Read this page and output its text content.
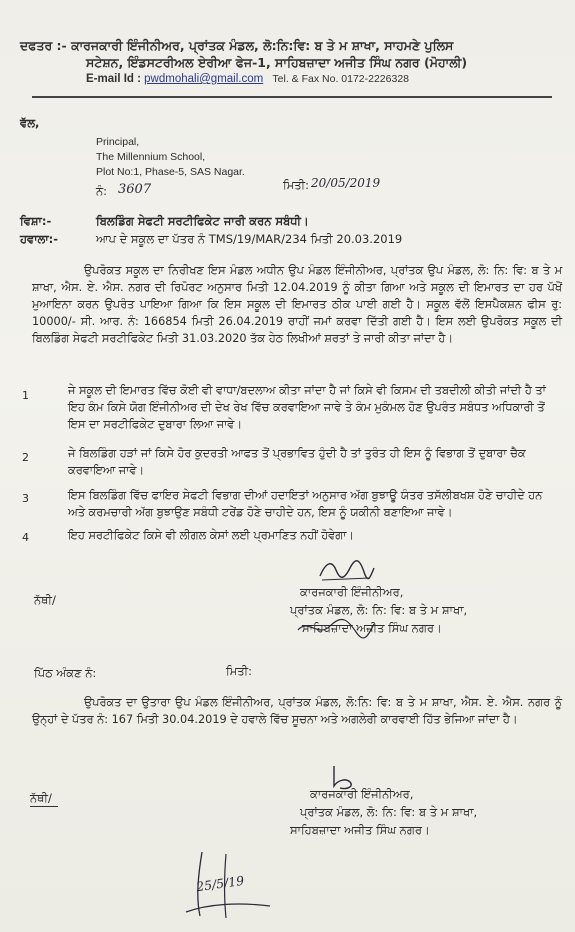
ਦਫਤਰ :- ਕਾਰਜਕਾਰੀ ਇੰਜੀਨੀਅਰ, ਪ੍ਰਾਂਤਕ ਮੰਡਲ, ਲੋ:ਨਿ:ਵਿ: ਬ ਤੇ ਮ ਸ਼ਾਖਾ, ਸਾਹਮਣੇ ਪੁਲਿਸ
ਸਟੇਸ਼ਨ, ਇੰਡਸਟਰੀਅਲ ਏਰੀਆ ਫੇਜ-1, ਸਾਹਿਬਜ਼ਾਦਾ ਅਜੀਤ ਸਿੰਘ ਨਗਰ (ਮੋਹਾਲੀ)
E-mail Id : pwdmohali@gmail.com Tel. & Fax No. 0172-2226328
ਵੱਲ,
Principal,
The Millennium School,
Plot No:1, Phase-5, SAS Nagar.
ਨੰ: 3607	ਮਿਤੀ: 20/05/2019
ਵਿਸ਼ਾ:-	ਬਿਲਡਿੰਗ ਸੇਫਟੀ ਸਰਟੀਫਿਕੇਟ ਜਾਰੀ ਕਰਨ ਸਬੰਧੀ।
ਹਵਾਲਾ:-	ਆਪ ਦੇ ਸਕੂਲ ਦਾ ਪੱਤਰ ਨੰ TMS/19/MAR/234 ਮਿਤੀ 20.03.2019
ਉਪਰੋਕਤ ਸਕੂਲ ਦਾ ਨਿਰੀਖਣ ਇਸ ਮੰਡਲ ਅਧੀਨ ਉਪ ਮੰਡਲ ਇੰਜੀਨੀਅਰ, ਪ੍ਰਾਂਤਕ ਉਪ ਮੰਡਲ, ਲੋ: ਨਿ: ਵਿ: ਬ ਤੇ ਮ ਸ਼ਾਖਾ, ਐਸ. ਏ. ਐਸ. ਨਗਰ ਦੀ ਰਿਪੋਰਟ ਅਨੁਸਾਰ ਮਿਤੀ 12.04.2019 ਨੂੰ ਕੀਤਾ ਗਿਆ ਅਤੇ ਸਕੂਲ ਦੀ ਇਮਾਰਤ ਦਾ ਹਰ ਪੱਖੋਂ ਮੁਆਇਨਾ ਕਰਨ ਉਪਰੰਤ ਪਾਇਆ ਗਿਆ ਕਿ ਇਸ ਸਕੂਲ ਦੀ ਇਮਾਰਤ ਠੀਕ ਪਾਈ ਗਈ ਹੈ। ਸਕੂਲ ਵੱਲੋਂ ਇਸਪੈਕਸ਼ਨ ਫੀਸ ਰੁ: 10000/- ਸੀ. ਆਰ. ਨੰ: 166854 ਮਿਤੀ 26.04.2019 ਰਾਹੀਂ ਜਮਾਂ ਕਰਵਾ ਦਿੱਤੀ ਗਈ ਹੈ। ਇਸ ਲਈ ਉਪਰੋਕਤ ਸਕੂਲ ਦੀ ਬਿਲਡਿੰਗ ਸੇਫਟੀ ਸਰਟੀਫਿਕੇਟ ਮਿਤੀ 31.03.2020 ਤੱਕ ਹੇਠ ਲਿਖੀਆਂ ਸ਼ਰਤਾਂ ਤੇ ਜਾਰੀ ਕੀਤਾ ਜਾਂਦਾ ਹੈ।
1	ਜੇ ਸਕੂਲ ਦੀ ਇਮਾਰਤ ਵਿੱਚ ਕੋਈ ਵੀ ਵਾਧਾ/ਬਦਲਾਅ ਕੀਤਾ ਜਾਂਦਾ ਹੈ ਜਾਂ ਕਿਸੇ ਵੀ ਕਿਸਮ ਦੀ ਤਬਦੀਲੀ ਕੀਤੀ ਜਾਂਦੀ ਹੈ ਤਾਂ ਇਹ ਕੰਮ ਕਿਸੇ ਯੋਗ ਇੰਜੀਨੀਅਰ ਦੀ ਦੇਖ ਰੇਖ ਵਿੱਚ ਕਰਵਾਇਆ ਜਾਵੇ ਤੇ ਕੰਮ ਮੁਕੰਮਲ ਹੋਣ ਉਪਰੰਤ ਸਬੰਧਤ ਅਧਿਕਾਰੀ ਤੋਂ ਇਸ ਦਾ ਸਰਟੀਫਿਕੇਟ ਦੁਬਾਰਾ ਲਿਆ ਜਾਵੇ।
2	ਜੇ ਬਿਲਡਿੰਗ ਹੜਾਂ ਜਾਂ ਕਿਸੇ ਹੋਰ ਕੁਦਰਤੀ ਆਫਤ ਤੋਂ ਪ੍ਰਭਾਵਿਤ ਹੁੰਦੀ ਹੈ ਤਾਂ ਤੁਰੰਤ ਹੀ ਇਸ ਨੂੰ ਵਿਭਾਗ ਤੋਂ ਦੁਬਾਰਾ ਚੈਕ ਕਰਵਾਇਆ ਜਾਵੇ।
3	ਇਸ ਬਿਲਡਿੰਗ ਵਿੱਚ ਫਾਇਰ ਸੇਫਟੀ ਵਿਭਾਗ ਦੀਆਂ ਹਦਾਇਤਾਂ ਅਨੁਸਾਰ ਅੱਗ ਬੁਝਾਊ ਯੰਤਰ ਤਸੱਲੀਬਖਸ਼ ਹੋਣੇ ਚਾਹੀਦੇ ਹਨ ਅਤੇ ਕਰਮਚਾਰੀ ਅੱਗ ਬੁਝਾਉਣ ਸਬੰਧੀ ਟਰੇਂਡ ਹੋਣੇ ਚਾਹੀਦੇ ਹਨ, ਇਸ ਨੂੰ ਯਕੀਨੀ ਬਣਾਇਆ ਜਾਵੇ।
4	ਇਹ ਸਰਟੀਫਿਕੇਟ ਕਿਸੇ ਵੀ ਲੀਗਲ ਕੇਸਾਂ ਲਈ ਪ੍ਰਮਾਣਿਤ ਨਹੀਂ ਹੋਵੇਗਾ।
ਨੱਥੀ/
ਕਾਰਜਕਾਰੀ ਇੰਜੀਨੀਅਰ,
ਪ੍ਰਾਂਤਕ ਮੰਡਲ, ਲੋ: ਨਿ: ਵਿ: ਬ ਤੇ ਮ ਸ਼ਾਖਾ,
ਸਾਹਿਬਜ਼ਾਦਾ ਅਜੀਤ ਸਿੰਘ ਨਗਰ।
ਪਿੱਠ ਅੰਕਣ ਨੰ:	ਮਿਤੀ:
ਉਪਰੋਕਤ ਦਾ ਉਤਾਰਾ ਉਪ ਮੰਡਲ ਇੰਜੀਨੀਅਰ, ਪ੍ਰਾਂਤਕ ਮੰਡਲ, ਲੋ:ਨਿ: ਵਿ: ਬ ਤੇ ਮ ਸ਼ਾਖਾ, ਐਸ. ਏ. ਐਸ. ਨਗਰ ਨੂੰ ਉਨ੍ਹਾਂ ਦੇ ਪੱਤਰ ਨੰ: 167 ਮਿਤੀ 30.04.2019 ਦੇ ਹਵਾਲੇ ਵਿੱਚ ਸੂਚਨਾ ਅਤੇ ਅਗਲੇਰੀ ਕਾਰਵਾਈ ਹਿੱਤ ਭੇਜਿਆ ਜਾਂਦਾ ਹੈ।
ਨੱਥੀ/	ਕਾਰਜਕਾਰੀ ਇੰਜੀਨੀਅਰ,
ਪ੍ਰਾਂਤਕ ਮੰਡਲ, ਲੋ: ਨਿ: ਵਿ: ਬ ਤੇ ਮ ਸ਼ਾਖਾ,
ਸਾਹਿਬਜ਼ਾਦਾ ਅਜੀਤ ਸਿੰਘ ਨਗਰ।
25/5/19
